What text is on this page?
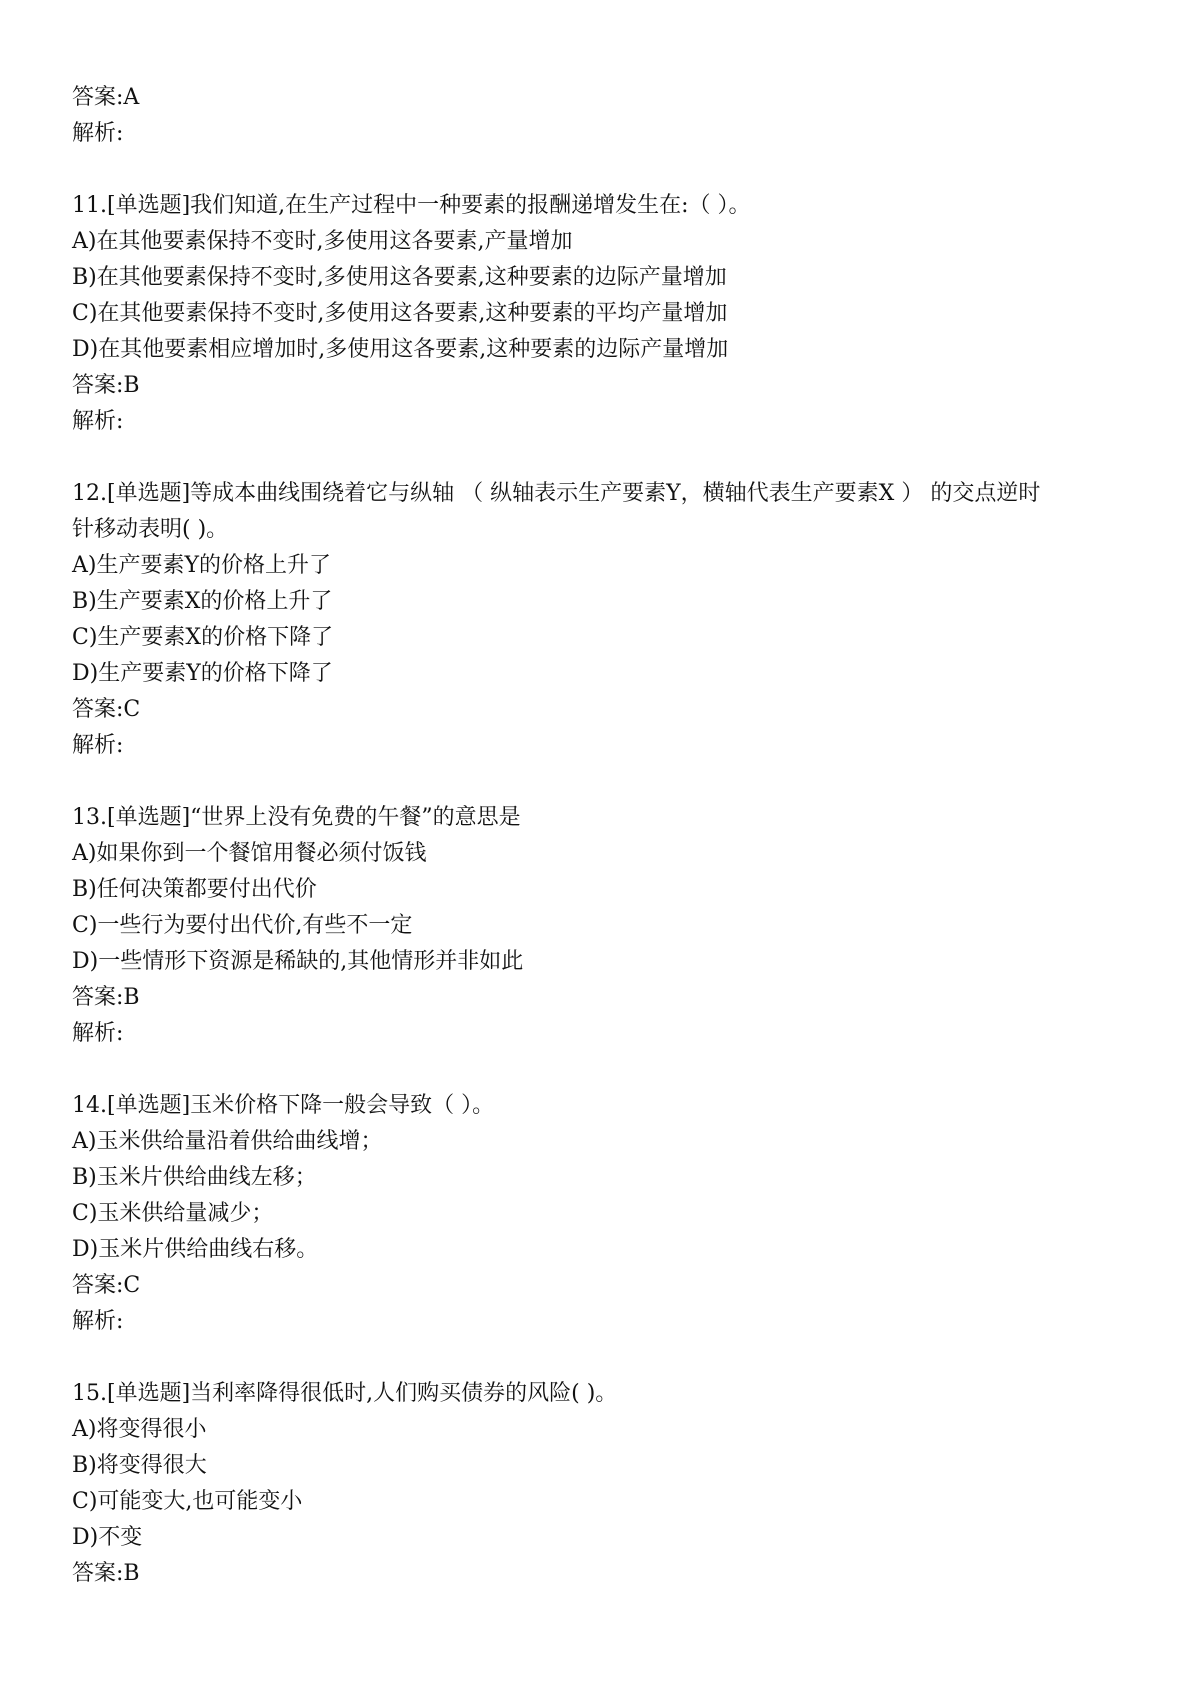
答案:A

解析:

11.[单选题]我们知道,在生产过程中一种要素的报酬递增发生在:（ ）。

A)在其他要素保持不变时,多使用这各要素,产量增加

B)在其他要素保持不变时,多使用这各要素,这种要素的边际产量增加

C)在其他要素保持不变时,多使用这各要素,这种要素的平均产量增加

D)在其他要素相应增加时,多使用这各要素,这种要素的边际产量增加

答案:B

解析:

12.[单选题]等成本曲线围绕着它与纵轴 （ 纵轴表示生产要素Y，横轴代表生产要素X ） 的交点逆时

针移动表明( )。

A)生产要素Y的价格上升了

B)生产要素X的价格上升了

C)生产要素X的价格下降了

D)生产要素Y的价格下降了

答案:C

解析:

13.[单选题]“世界上没有免费的午餐”的意思是

A)如果你到一个餐馆用餐必须付饭钱

B)任何决策都要付出代价

C)一些行为要付出代价,有些不一定

D)一些情形下资源是稀缺的,其他情形并非如此

答案:B

解析:

14.[单选题]玉米价格下降一般会导致（ ）。

A)玉米供给量沿着供给曲线增；

B)玉米片供给曲线左移；

C)玉米供给量减少；

D)玉米片供给曲线右移。

答案:C

解析:

15.[单选题]当利率降得很低时,人们购买债券的风险( )。

A)将变得很小

B)将变得很大

C)可能变大,也可能变小

D)不变

答案:B
